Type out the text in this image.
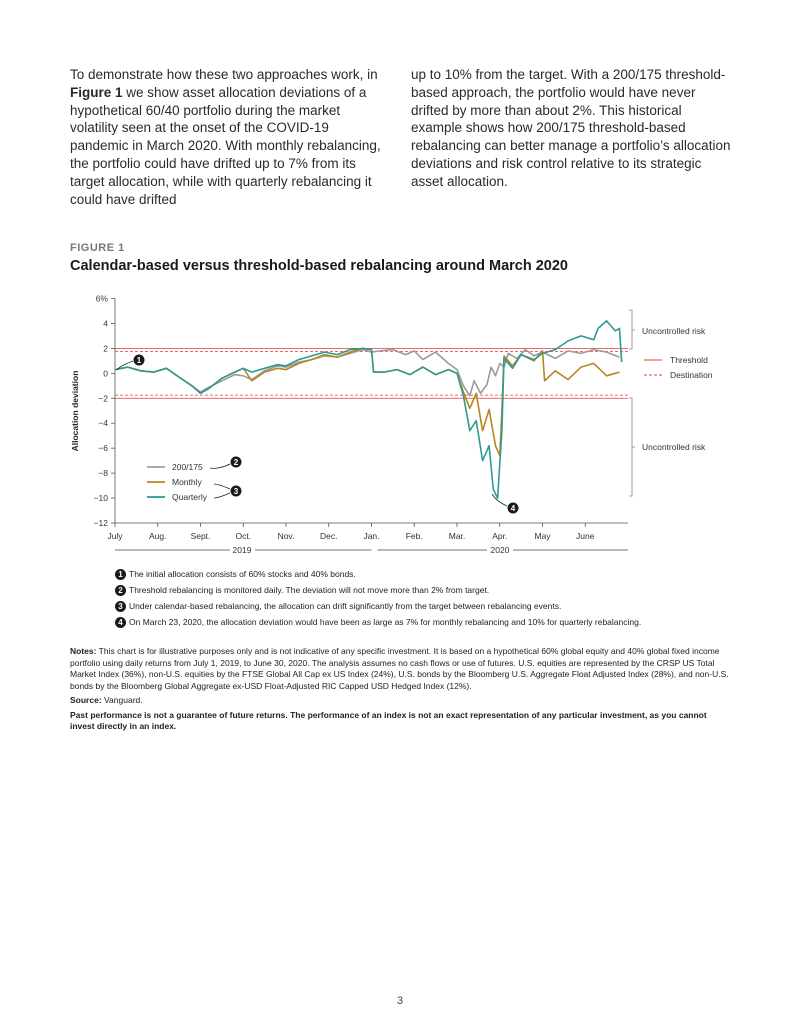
To demonstrate how these two approaches work, in Figure 1 we show asset allocation deviations of a hypothetical 60/40 portfolio during the market volatility seen at the onset of the COVID-19 pandemic in March 2020. With monthly rebalancing, the portfolio could have drifted up to 7% from its target allocation, while with quarterly rebalancing it could have drifted

up to 10% from the target. With a 200/175 threshold-based approach, the portfolio would have never drifted by more than about 2%. This historical example shows how 200/175 threshold-based rebalancing can better manage a portfolio’s allocation deviations and risk control relative to its strategic asset allocation.

FIGURE 1
Calendar-based versus threshold-based rebalancing around March 2020
6%
4
2
0
−2
−4
−6
−8
−10
−12
Allocation deviation
July	Aug.	Sept.	Oct.	Nov.	Dec.	Jan.	Feb.	Mar.	Apr.	May	June
2019	2020
Uncontrolled risk
Uncontrolled risk
Threshold
Destination
200/175
Monthly
Quarterly
1
2
3
4
1 The initial allocation consists of 60% stocks and 40% bonds.
2 Threshold rebalancing is monitored daily. The deviation will not move more than 2% from target.
3 Under calendar-based rebalancing, the allocation can drift significantly from the target between rebalancing events.
4 On March 23, 2020, the allocation deviation would have been as large as 7% for monthly rebalancing and 10% for quarterly rebalancing.

Notes: This chart is for illustrative purposes only and is not indicative of any specific investment. It is based on a hypothetical 60% global equity and 40% global fixed income portfolio using daily returns from July 1, 2019, to June 30, 2020. The analysis assumes no cash flows or use of futures. U.S. equities are represented by the CRSP US Total Market Index (36%), non-U.S. equities by the FTSE Global All Cap ex US Index (24%), U.S. bonds by the Bloomberg U.S. Aggregate Float Adjusted Index (28%), and non-U.S. bonds by the Bloomberg Global Aggregate ex-USD Float-Adjusted RIC Capped USD Hedged Index (12%).

Source: Vanguard.

Past performance is not a guarantee of future returns. The performance of an index is not an exact representation of any particular investment, as you cannot invest directly in an index.

3
